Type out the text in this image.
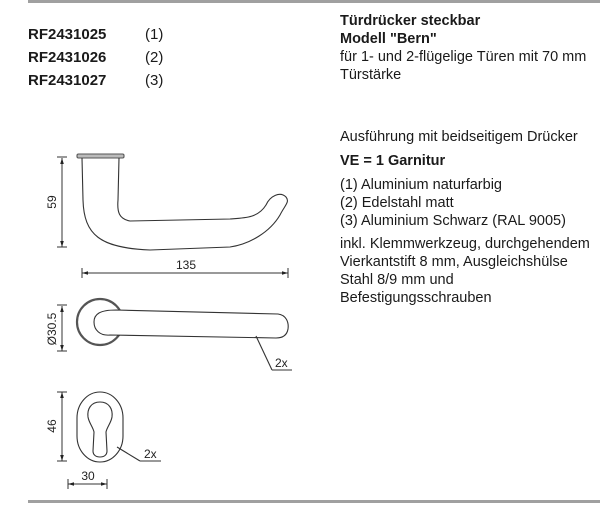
RF2431025	(1)
RF2431026	(2)
RF2431027	(3)
Türdrücker steckbar
Modell "Bern"
für 1- und 2-flügelige Türen mit 70 mm Türstärke
Ausführung mit beidseitigem Drücker
VE = 1 Garnitur
(1) Aluminium naturfarbig
(2) Edelstahl matt
(3) Aluminium Schwarz (RAL 9005)
inkl. Klemmwerkzeug, durchgehendem Vierkantstift 8 mm, Ausgleichshülse Stahl 8/9 mm und Befestigungsschrauben
59
135
2x
Ø30.5
2x
46
30
